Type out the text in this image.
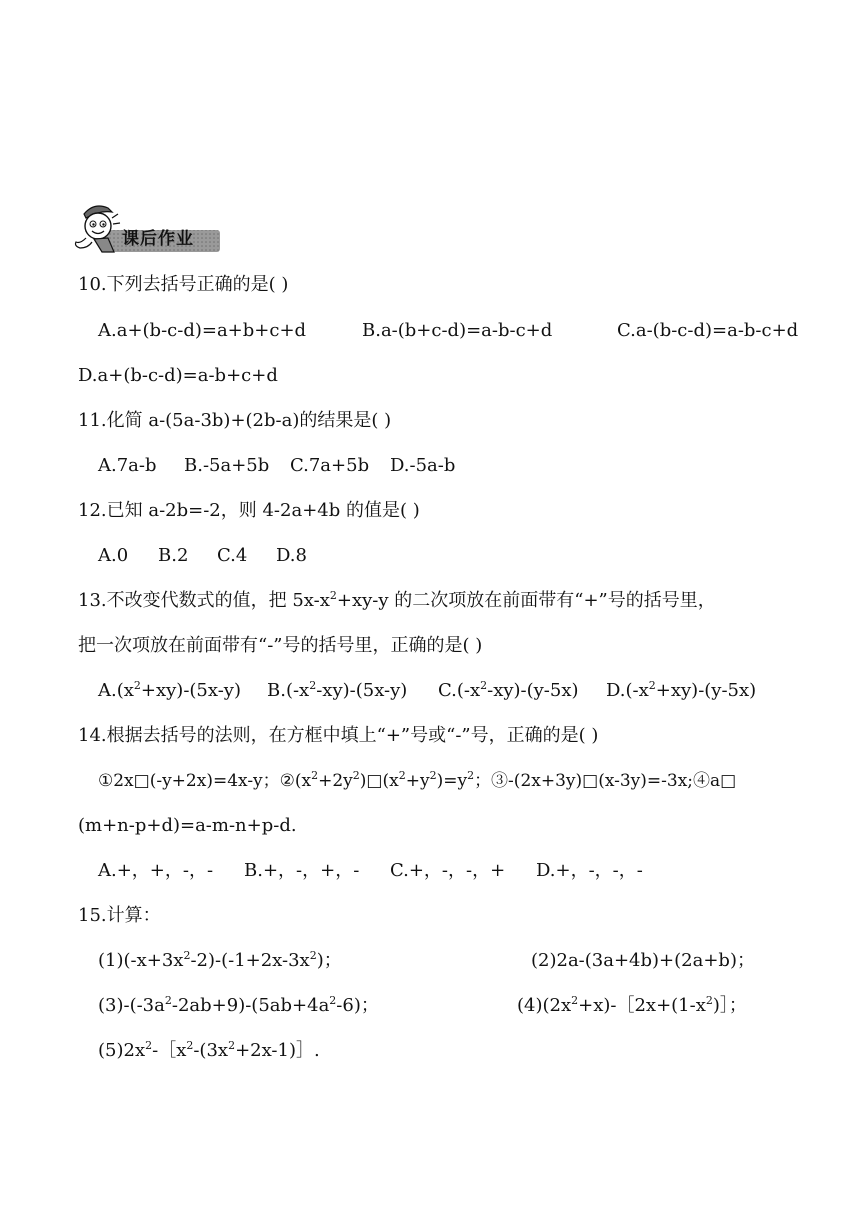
课后作业
10.下列去括号正确的是( )
A.a+(b-c-d)=a+b+c+d	B.a-(b+c-d)=a-b-c+d	C.a-(b-c-d)=a-b-c+d
D.a+(b-c-d)=a-b+c+d
11.化简 a-(5a-3b)+(2b-a)的结果是( )
A.7a-b B.-5a+5b C.7a+5b D.-5a-b
12.已知 a-2b=-2，则 4-2a+4b 的值是( )
A.0 B.2 C.4 D.8
13.不改变代数式的值，把 $5x-x^2+xy-y$ 的二次项放在前面带有“+”号的括号里，
把一次项放在前面带有“-”号的括号里，正确的是( )
$A.(x^2+xy)-(5x-y)$ $B.(-x^2-xy)-(5x-y)$ $C.(-x^2-xy)-(y-5x)$ $D.(-x^2+xy)-(y-5x)$
14.根据去括号的法则，在方框中填上“+”号或“-”号，正确的是( )
①2x□(-y+2x)=4x-y；$②(x^2+2y^2)□(x^2+y^2)=y^2$；③-(2x+3y)□(x-3y)=-3x;④a□
(m+n-p+d)=a-m-n+p-d.
A.+，+，-，- B.+，-，+，- C.+，-，-，+ D.+，-，-，-
15.计算：
$(1)(-x+3x^2-2)-(-1+2x-3x^2)$；	(2)2a-(3a+4b)+(2a+b)；
$(3)-(-3a^2-2ab+9)-(5ab+4a^2-6)$；	$(4)(2x^2+x)-[2x+(1-x^2)]$；
$(5)2x^2-[x^2-(3x^2+2x-1)]$.
